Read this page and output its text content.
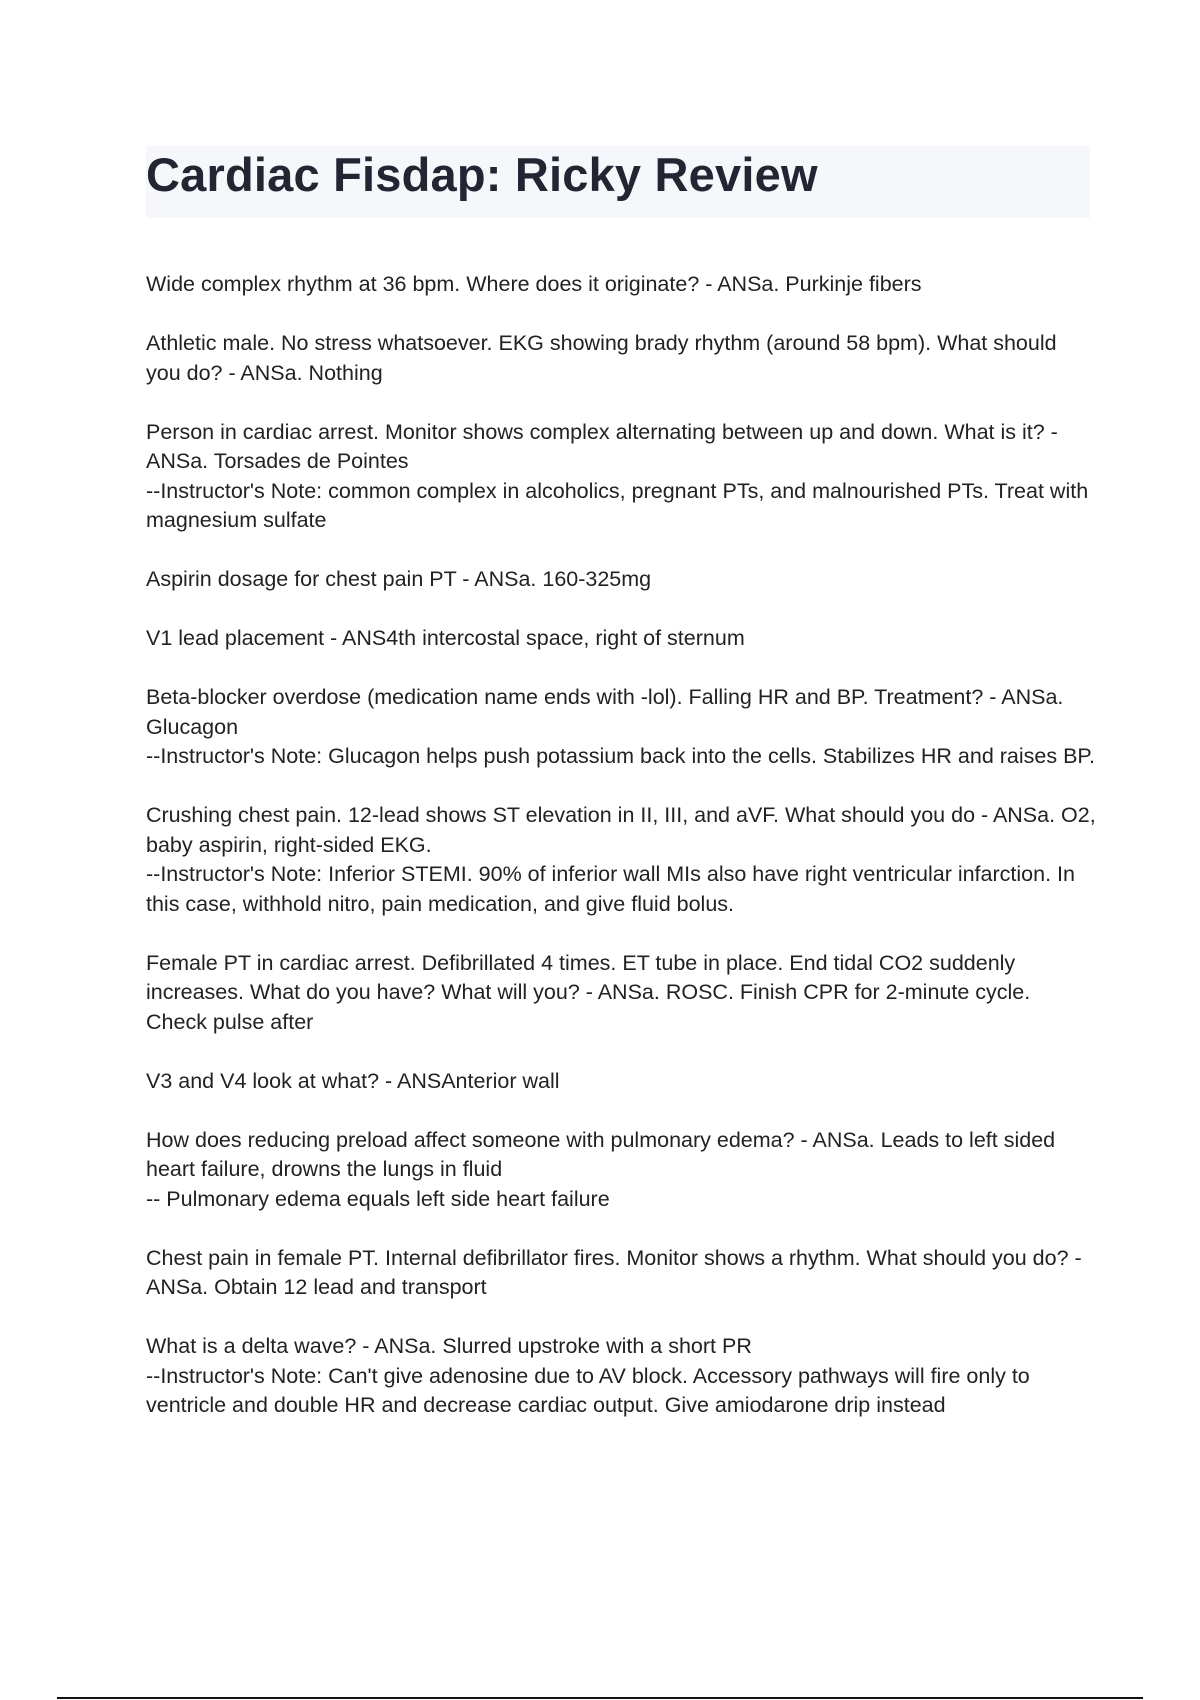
Cardiac Fisdap: Ricky Review

Wide complex rhythm at 36 bpm. Where does it originate? - ANSa. Purkinje fibers

Athletic male. No stress whatsoever. EKG showing brady rhythm (around 58 bpm). What should you do? - ANSa. Nothing

Person in cardiac arrest. Monitor shows complex alternating between up and down. What is it? - ANSa. Torsades de Pointes
--Instructor's Note: common complex in alcoholics, pregnant PTs, and malnourished PTs. Treat with magnesium sulfate

Aspirin dosage for chest pain PT - ANSa. 160-325mg

V1 lead placement - ANS4th intercostal space, right of sternum

Beta-blocker overdose (medication name ends with -lol). Falling HR and BP. Treatment? - ANSa. Glucagon
--Instructor's Note: Glucagon helps push potassium back into the cells. Stabilizes HR and raises BP.

Crushing chest pain. 12-lead shows ST elevation in II, III, and aVF. What should you do - ANSa. O2, baby aspirin, right-sided EKG.
--Instructor's Note: Inferior STEMI. 90% of inferior wall MIs also have right ventricular infarction. In this case, withhold nitro, pain medication, and give fluid bolus.

Female PT in cardiac arrest. Defibrillated 4 times. ET tube in place. End tidal CO2 suddenly increases. What do you have? What will you? - ANSa. ROSC. Finish CPR for 2-minute cycle. Check pulse after

V3 and V4 look at what? - ANSAnterior wall

How does reducing preload affect someone with pulmonary edema? - ANSa. Leads to left sided heart failure, drowns the lungs in fluid
-- Pulmonary edema equals left side heart failure

Chest pain in female PT. Internal defibrillator fires. Monitor shows a rhythm. What should you do? - ANSa. Obtain 12 lead and transport

What is a delta wave? - ANSa. Slurred upstroke with a short PR
--Instructor's Note: Can't give adenosine due to AV block. Accessory pathways will fire only to ventricle and double HR and decrease cardiac output. Give amiodarone drip instead
